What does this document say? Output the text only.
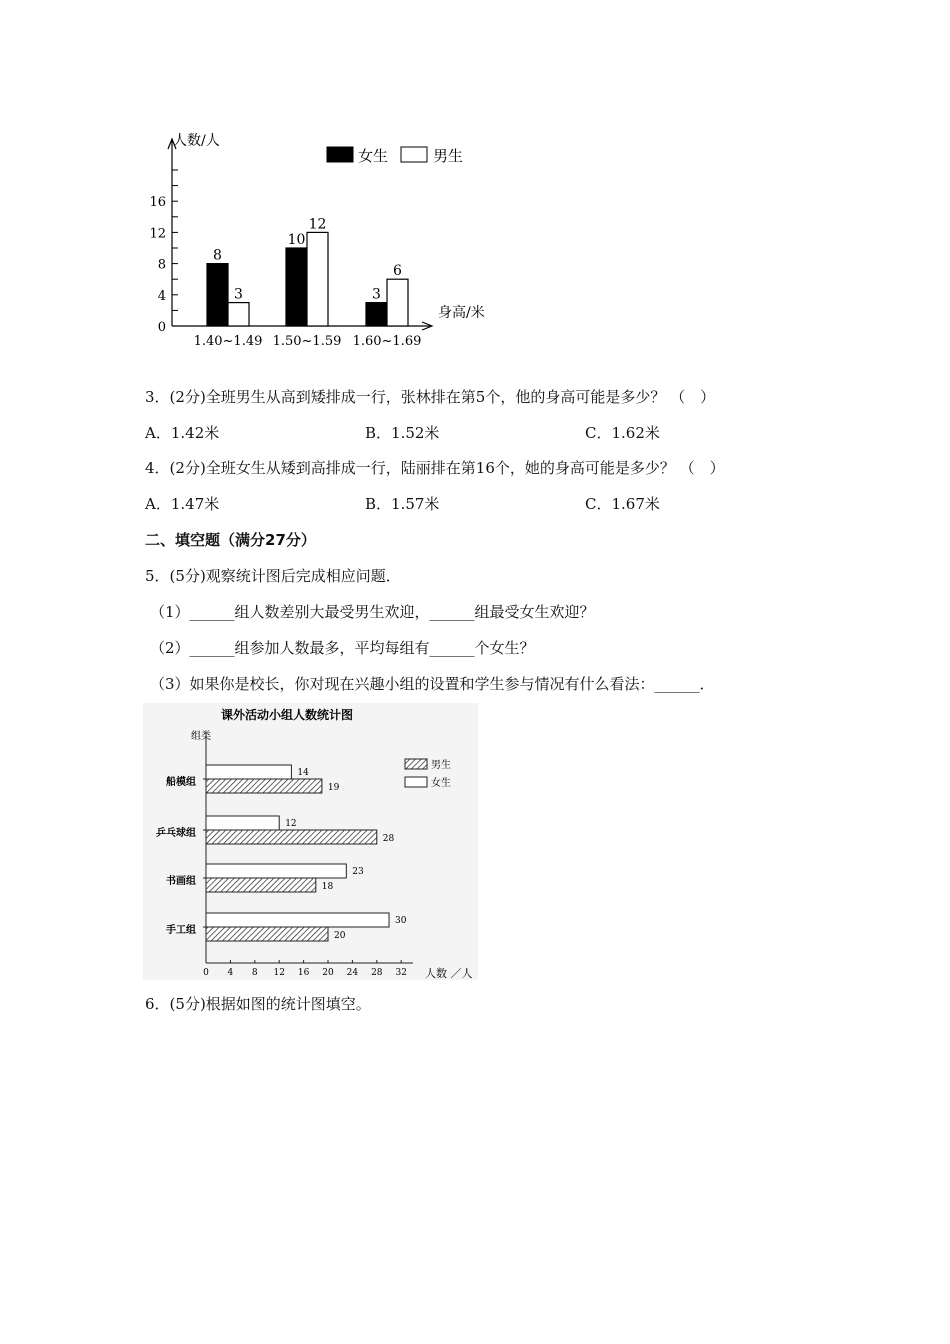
0
4
8
12
16
1.40~1.49 1.50~1.59 1.60~1.69
8
3
10
12
3
6
人数/人
身高/米
女生	男生
3．(2分)全班男生从高到矮排成一行，张林排在第5个，他的身高可能是多少？ （　）
A．1.42米	B．1.52米	C．1.62米
4．(2分)全班女生从矮到高排成一行，陆丽排在第16个，她的身高可能是多少？ （　）
A．1.47米	B．1.57米	C．1.67米
二、填空题（满分27分）
5．(5分)观察统计图后完成相应问题．
（1）______组人数差别大最受男生欢迎，______组最受女生欢迎？
（2）______组参加人数最多，平均每组有______个女生？
（3）如果你是校长，你对现在兴趣小组的设置和学生参与情况有什么看法：______．
课外活动小组人数统计图
组类
人数 ／人
男生
女生
0 4 8 12 16 20 24 28 32
船模组
乒乓球组
书画组
手工组
14
19
12
28
23
18
30
20
6．(5分)根据如图的统计图填空。
